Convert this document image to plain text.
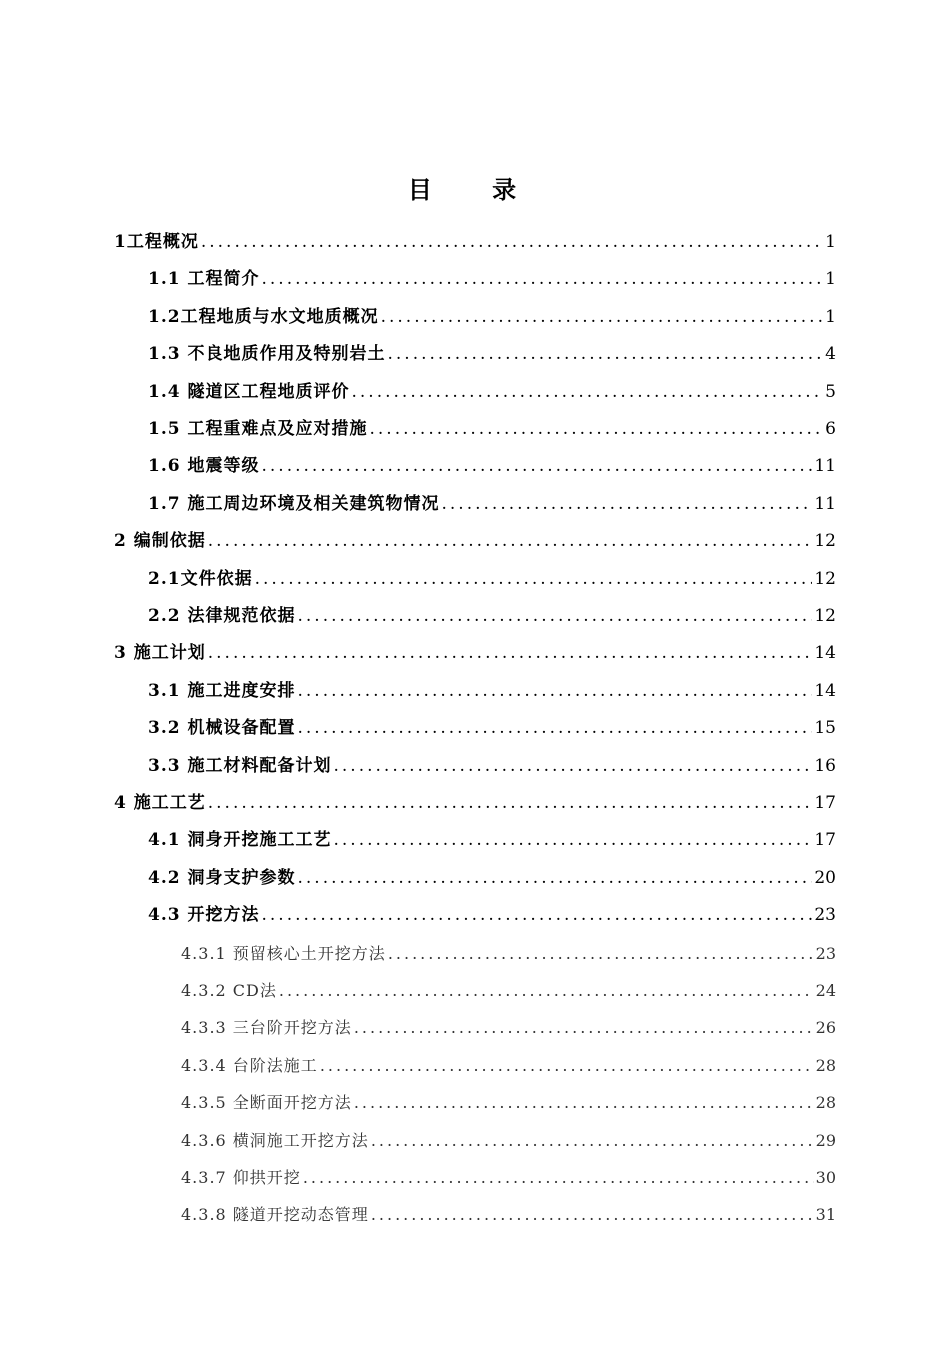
目 录
1工程概况 .....	1
1.1 工程简介 .....	1
1.2工程地质与水文地质概况 .....	1
1.3 不良地质作用及特别岩土 .....	4
1.4 隧道区工程地质评价 .....	5
1.5 工程重难点及应对措施 .....	6
1.6 地震等级 .....	11
1.7 施工周边环境及相关建筑物情况 .....	11
2 编制依据 .....	12
2.1文件依据 .....	12
2.2 法律规范依据 .....	12
3 施工计划 .....	14
3.1 施工进度安排 .....	14
3.2 机械设备配置 .....	15
3.3 施工材料配备计划 .....	16
4 施工工艺 .....	17
4.1 洞身开挖施工工艺 .....	17
4.2 洞身支护参数 .....	20
4.3 开挖方法 .....	23
4.3.1 预留核心土开挖方法 .....	23
4.3.2 CD法 .....	24
4.3.3 三台阶开挖方法 .....	26
4.3.4 台阶法施工 .....	28
4.3.5 全断面开挖方法 .....	28
4.3.6 横洞施工开挖方法 .....	29
4.3.7 仰拱开挖 .....	30
4.3.8 隧道开挖动态管理 .....	31
